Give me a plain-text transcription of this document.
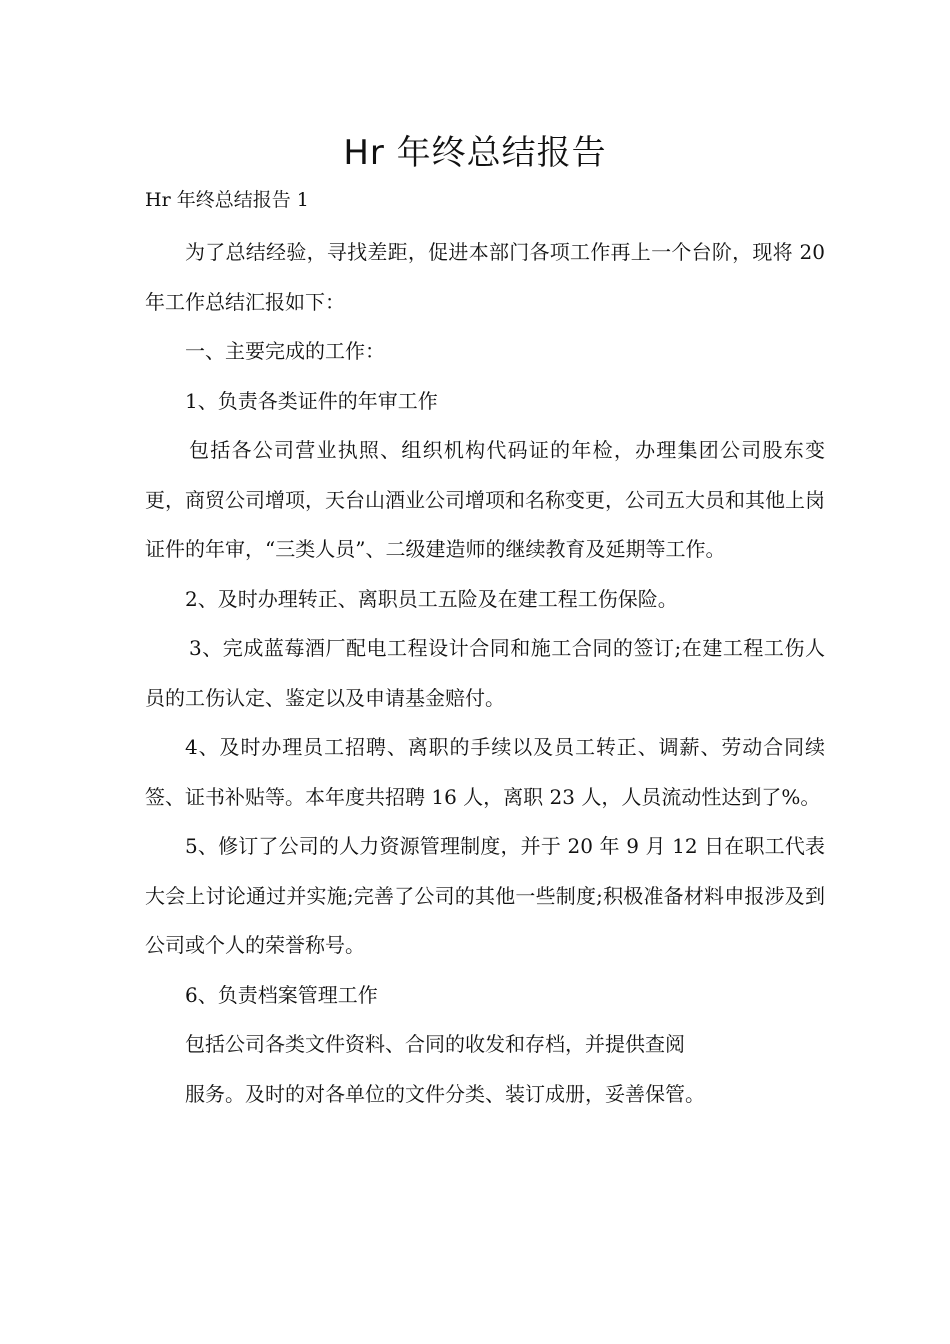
Hr 年终总结报告

Hr 年终总结报告 1

为了总结经验，寻找差距，促进本部门各项工作再上一个台阶，现将 20 年工作总结汇报如下：

一、主要完成的工作：

1、负责各类证件的年审工作

包括各公司营业执照、组织机构代码证的年检，办理集团公司股东变更，商贸公司增项，天台山酒业公司增项和名称变更，公司五大员和其他上岗证件的年审，“三类人员”、二级建造师的继续教育及延期等工作。

2、及时办理转正、离职员工五险及在建工程工伤保险。

3、完成蓝莓酒厂配电工程设计合同和施工合同的签订;在建工程工伤人员的工伤认定、鉴定以及申请基金赔付。

4、及时办理员工招聘、离职的手续以及员工转正、调薪、劳动合同续签、证书补贴等。本年度共招聘 16 人，离职 23 人，人员流动性达到了%。

5、修订了公司的人力资源管理制度，并于 20 年 9 月 12 日在职工代表大会上讨论通过并实施;完善了公司的其他一些制度;积极准备材料申报涉及到公司或个人的荣誉称号。

6、负责档案管理工作

包括公司各类文件资料、合同的收发和存档，并提供查阅

服务。及时的对各单位的文件分类、装订成册，妥善保管。
